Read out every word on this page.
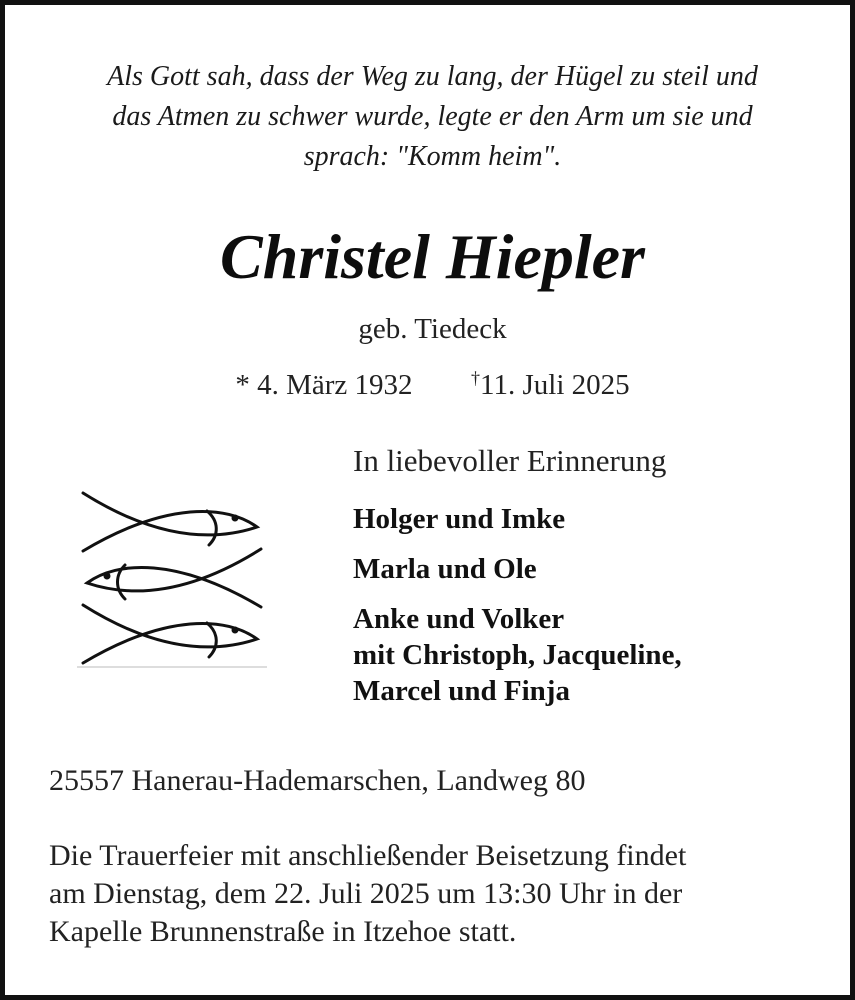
Als Gott sah, dass der Weg zu lang, der Hügel zu steil und
das Atmen zu schwer wurde, legte er den Arm um sie und
sprach: "Komm heim".
Christel Hiepler
geb. Tiedeck
* 4. März 1932	†11. Juli 2025
In liebevoller Erinnerung
Holger und Imke
Marla und Ole
Anke und Volker
mit Christoph, Jacqueline,
Marcel und Finja
25557 Hanerau-Hademarschen, Landweg 80
Die Trauerfeier mit anschließender Beisetzung findet
am Dienstag, dem 22. Juli 2025 um 13:30 Uhr in der
Kapelle Brunnenstraße in Itzehoe statt.
